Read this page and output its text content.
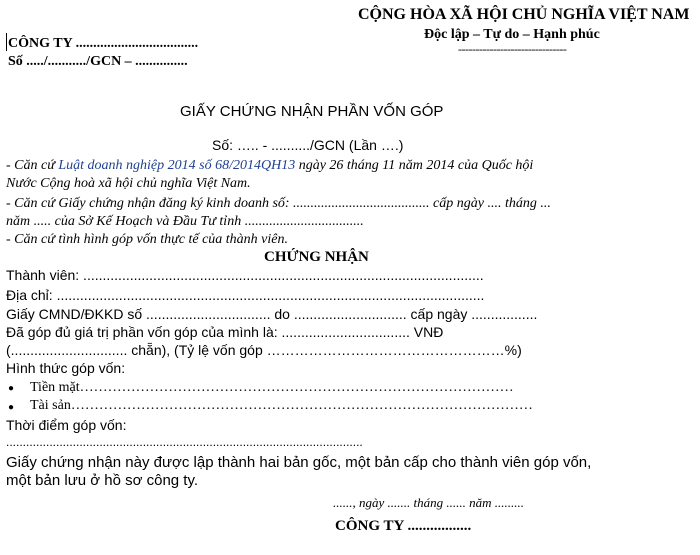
CỘNG HÒA XÃ HỘI CHỦ NGHĨA VIỆT NAM
Độc lập – Tự do – Hạnh phúc
-------------------------------
CÔNG TY ...................................
Số ...../.........../GCN – ...............
GIẤY CHỨNG NHẬN PHẦN VỐN GÓP
Số: ….. - ........../GCN (Lần ….)
- Căn cứ Luật doanh nghiệp 2014 số 68/2014QH13 ngày 26 tháng 11 năm 2014 của Quốc hội
Nước Cộng hoà xã hội chủ nghĩa Việt Nam.
- Căn cứ Giấy chứng nhận đăng ký kinh doanh số: ....................................... cấp ngày .... tháng ...
năm ..... của Sở Kế Hoạch và Đầu Tư tỉnh ..................................
- Căn cứ tình hình góp vốn thực tế của thành viên.
CHỨNG NHẬN
Thành viên: .......................................................................................................
Địa chỉ: ..............................................................................................................
Giấy CMND/ĐKKD số ................................ do ............................. cấp ngày .................
Đã góp đủ giá trị phần vốn góp của mình là: ................................. VNĐ
(.............................. chẵn), (Tỷ lệ vốn góp ……………………………………………%)
Hình thức góp vốn:
● Tiền mặt…………………………………………………………………………………
● Tài sản………………………………………………………………………………………
Thời điểm góp vốn:
...........................................................................................................
Giấy chứng nhận này được lập thành hai bản gốc, một bản cấp cho thành viên góp vốn,
một bản lưu ở hồ sơ công ty.
......, ngày ....... tháng ...... năm .........
CÔNG TY .................
